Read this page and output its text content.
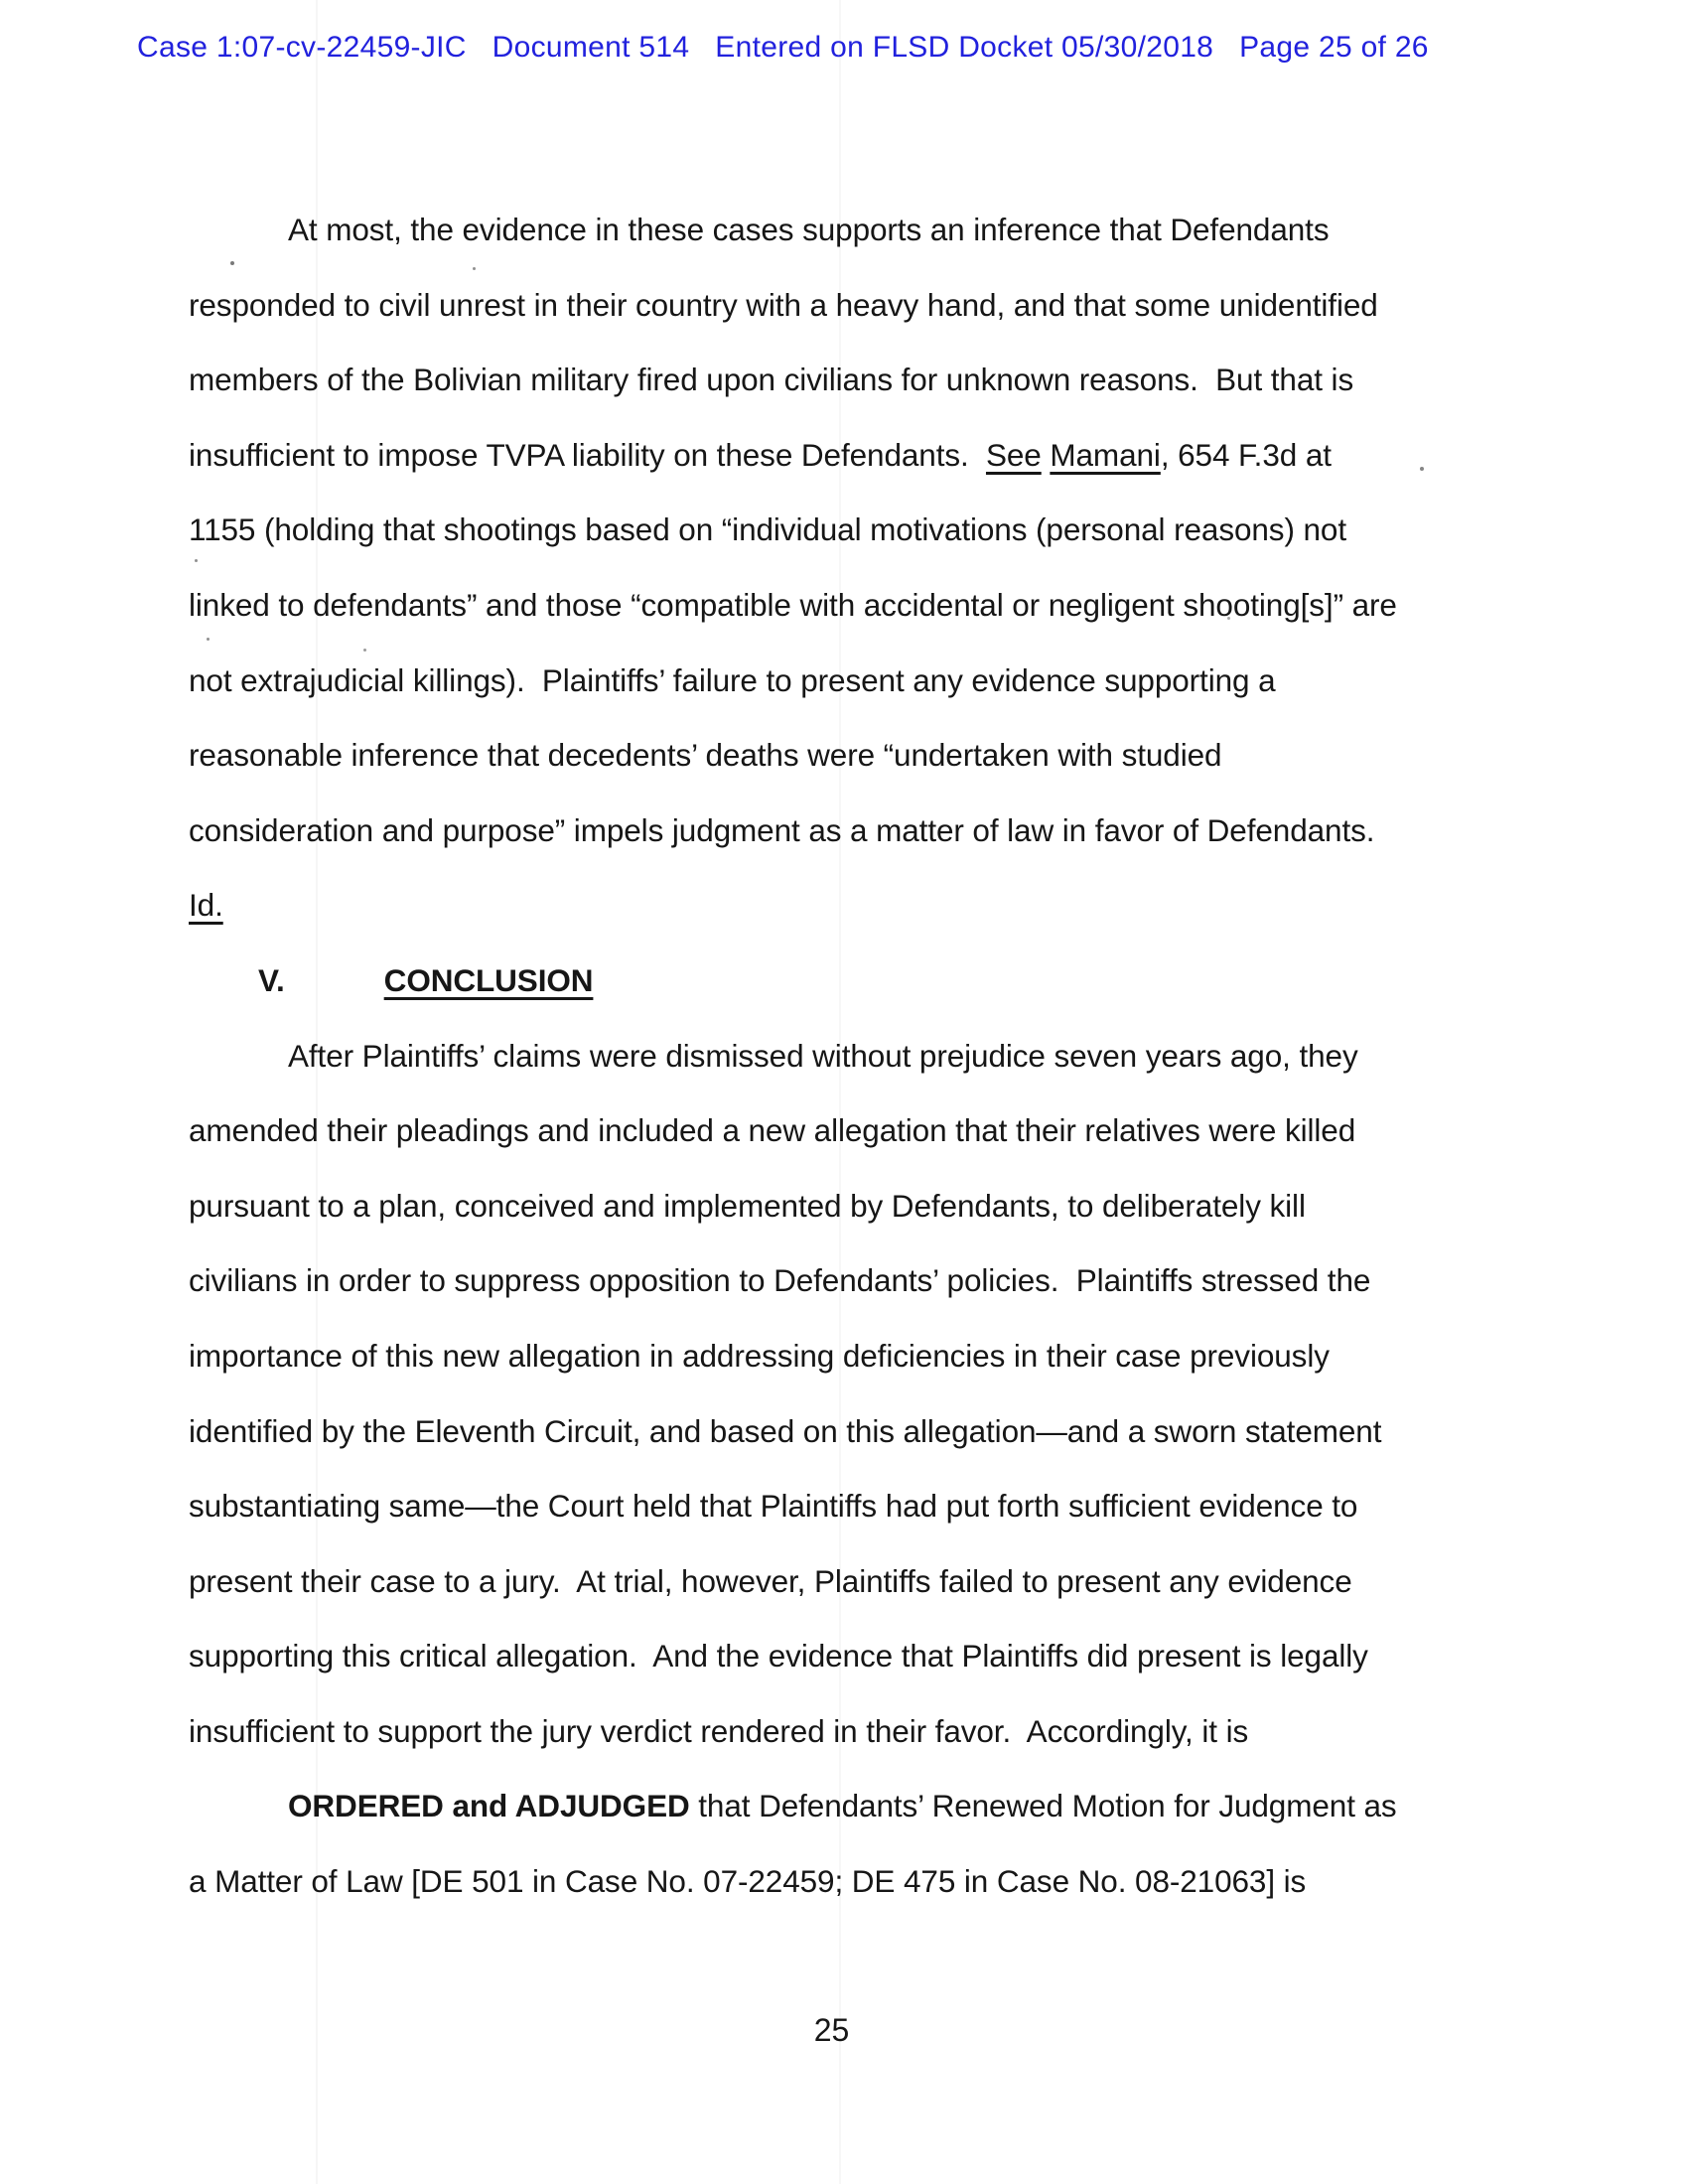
Case 1:07-cv-22459-JIC   Document 514   Entered on FLSD Docket 05/30/2018   Page 25 of 26
At most, the evidence in these cases supports an inference that Defendants
responded to civil unrest in their country with a heavy hand, and that some unidentified
members of the Bolivian military fired upon civilians for unknown reasons.  But that is
insufficient to impose TVPA liability on these Defendants.  See Mamani, 654 F.3d at
1155 (holding that shootings based on “individual motivations (personal reasons) not
linked to defendants” and those “compatible with accidental or negligent shooting[s]” are
not extrajudicial killings).  Plaintiffs’ failure to present any evidence supporting a
reasonable inference that decedents’ deaths were “undertaken with studied
consideration and purpose” impels judgment as a matter of law in favor of Defendants.
Id.
V.	CONCLUSION
After Plaintiffs’ claims were dismissed without prejudice seven years ago, they
amended their pleadings and included a new allegation that their relatives were killed
pursuant to a plan, conceived and implemented by Defendants, to deliberately kill
civilians in order to suppress opposition to Defendants’ policies.  Plaintiffs stressed the
importance of this new allegation in addressing deficiencies in their case previously
identified by the Eleventh Circuit, and based on this allegation—and a sworn statement
substantiating same—the Court held that Plaintiffs had put forth sufficient evidence to
present their case to a jury.  At trial, however, Plaintiffs failed to present any evidence
supporting this critical allegation.  And the evidence that Plaintiffs did present is legally
insufficient to support the jury verdict rendered in their favor.  Accordingly, it is
ORDERED and ADJUDGED that Defendants’ Renewed Motion for Judgment as
a Matter of Law [DE 501 in Case No. 07-22459; DE 475 in Case No. 08-21063] is
25
